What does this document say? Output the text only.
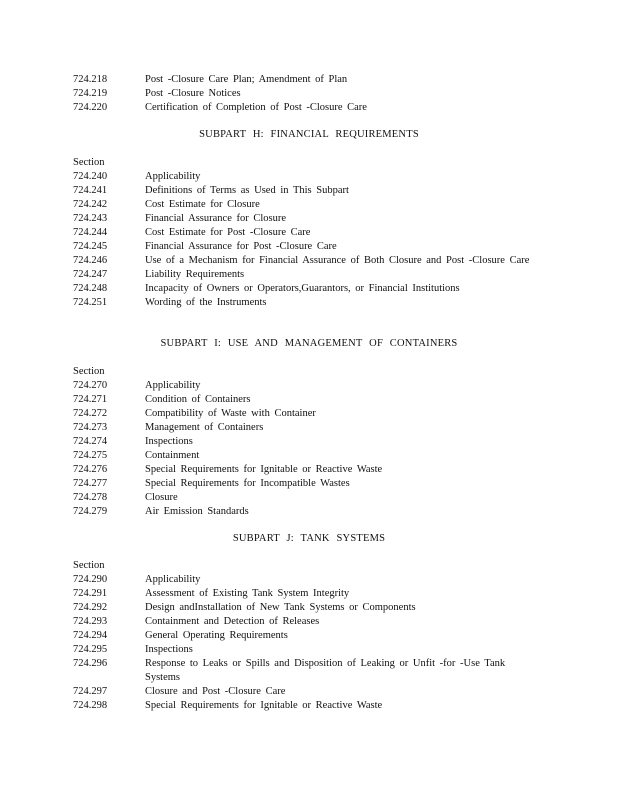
724.218	Post -Closure Care Plan; Amendment of Plan
724.219	Post -Closure Notices
724.220	Certification of Completion of Post -Closure Care
SUBPART H: FINANCIAL REQUIREMENTS
Section
724.240	Applicability
724.241	Definitions of Terms as Used in This Subpart
724.242	Cost Estimate for Closure
724.243	Financial Assurance for Closure
724.244	Cost Estimate for Post -Closure Care
724.245	Financial Assurance for Post -Closure Care
724.246	Use of a Mechanism for Financial Assurance of Both Closure and Post -Closure Care
724.247	Liability Requirements
724.248	Incapacity of Owners or Operators,Guarantors, or Financial Institutions
724.251	Wording of the Instruments
SUBPART I: USE AND MANAGEMENT OF CONTAINERS
Section
724.270	Applicability
724.271	Condition of Containers
724.272	Compatibility of Waste with Container
724.273	Management of Containers
724.274	Inspections
724.275	Containment
724.276	Special Requirements for Ignitable or Reactive Waste
724.277	Special Requirements for Incompatible Wastes
724.278	Closure
724.279	Air Emission Standards
SUBPART J: TANK SYSTEMS
Section
724.290	Applicability
724.291	Assessment of Existing Tank System Integrity
724.292	Design andInstallation of New Tank Systems or Components
724.293	Containment and Detection of Releases
724.294	General Operating Requirements
724.295	Inspections
724.296	Response to Leaks or Spills and Disposition of Leaking or Unfit -for -Use Tank Systems
724.297	Closure and Post -Closure Care
724.298	Special Requirements for Ignitable or Reactive Waste
